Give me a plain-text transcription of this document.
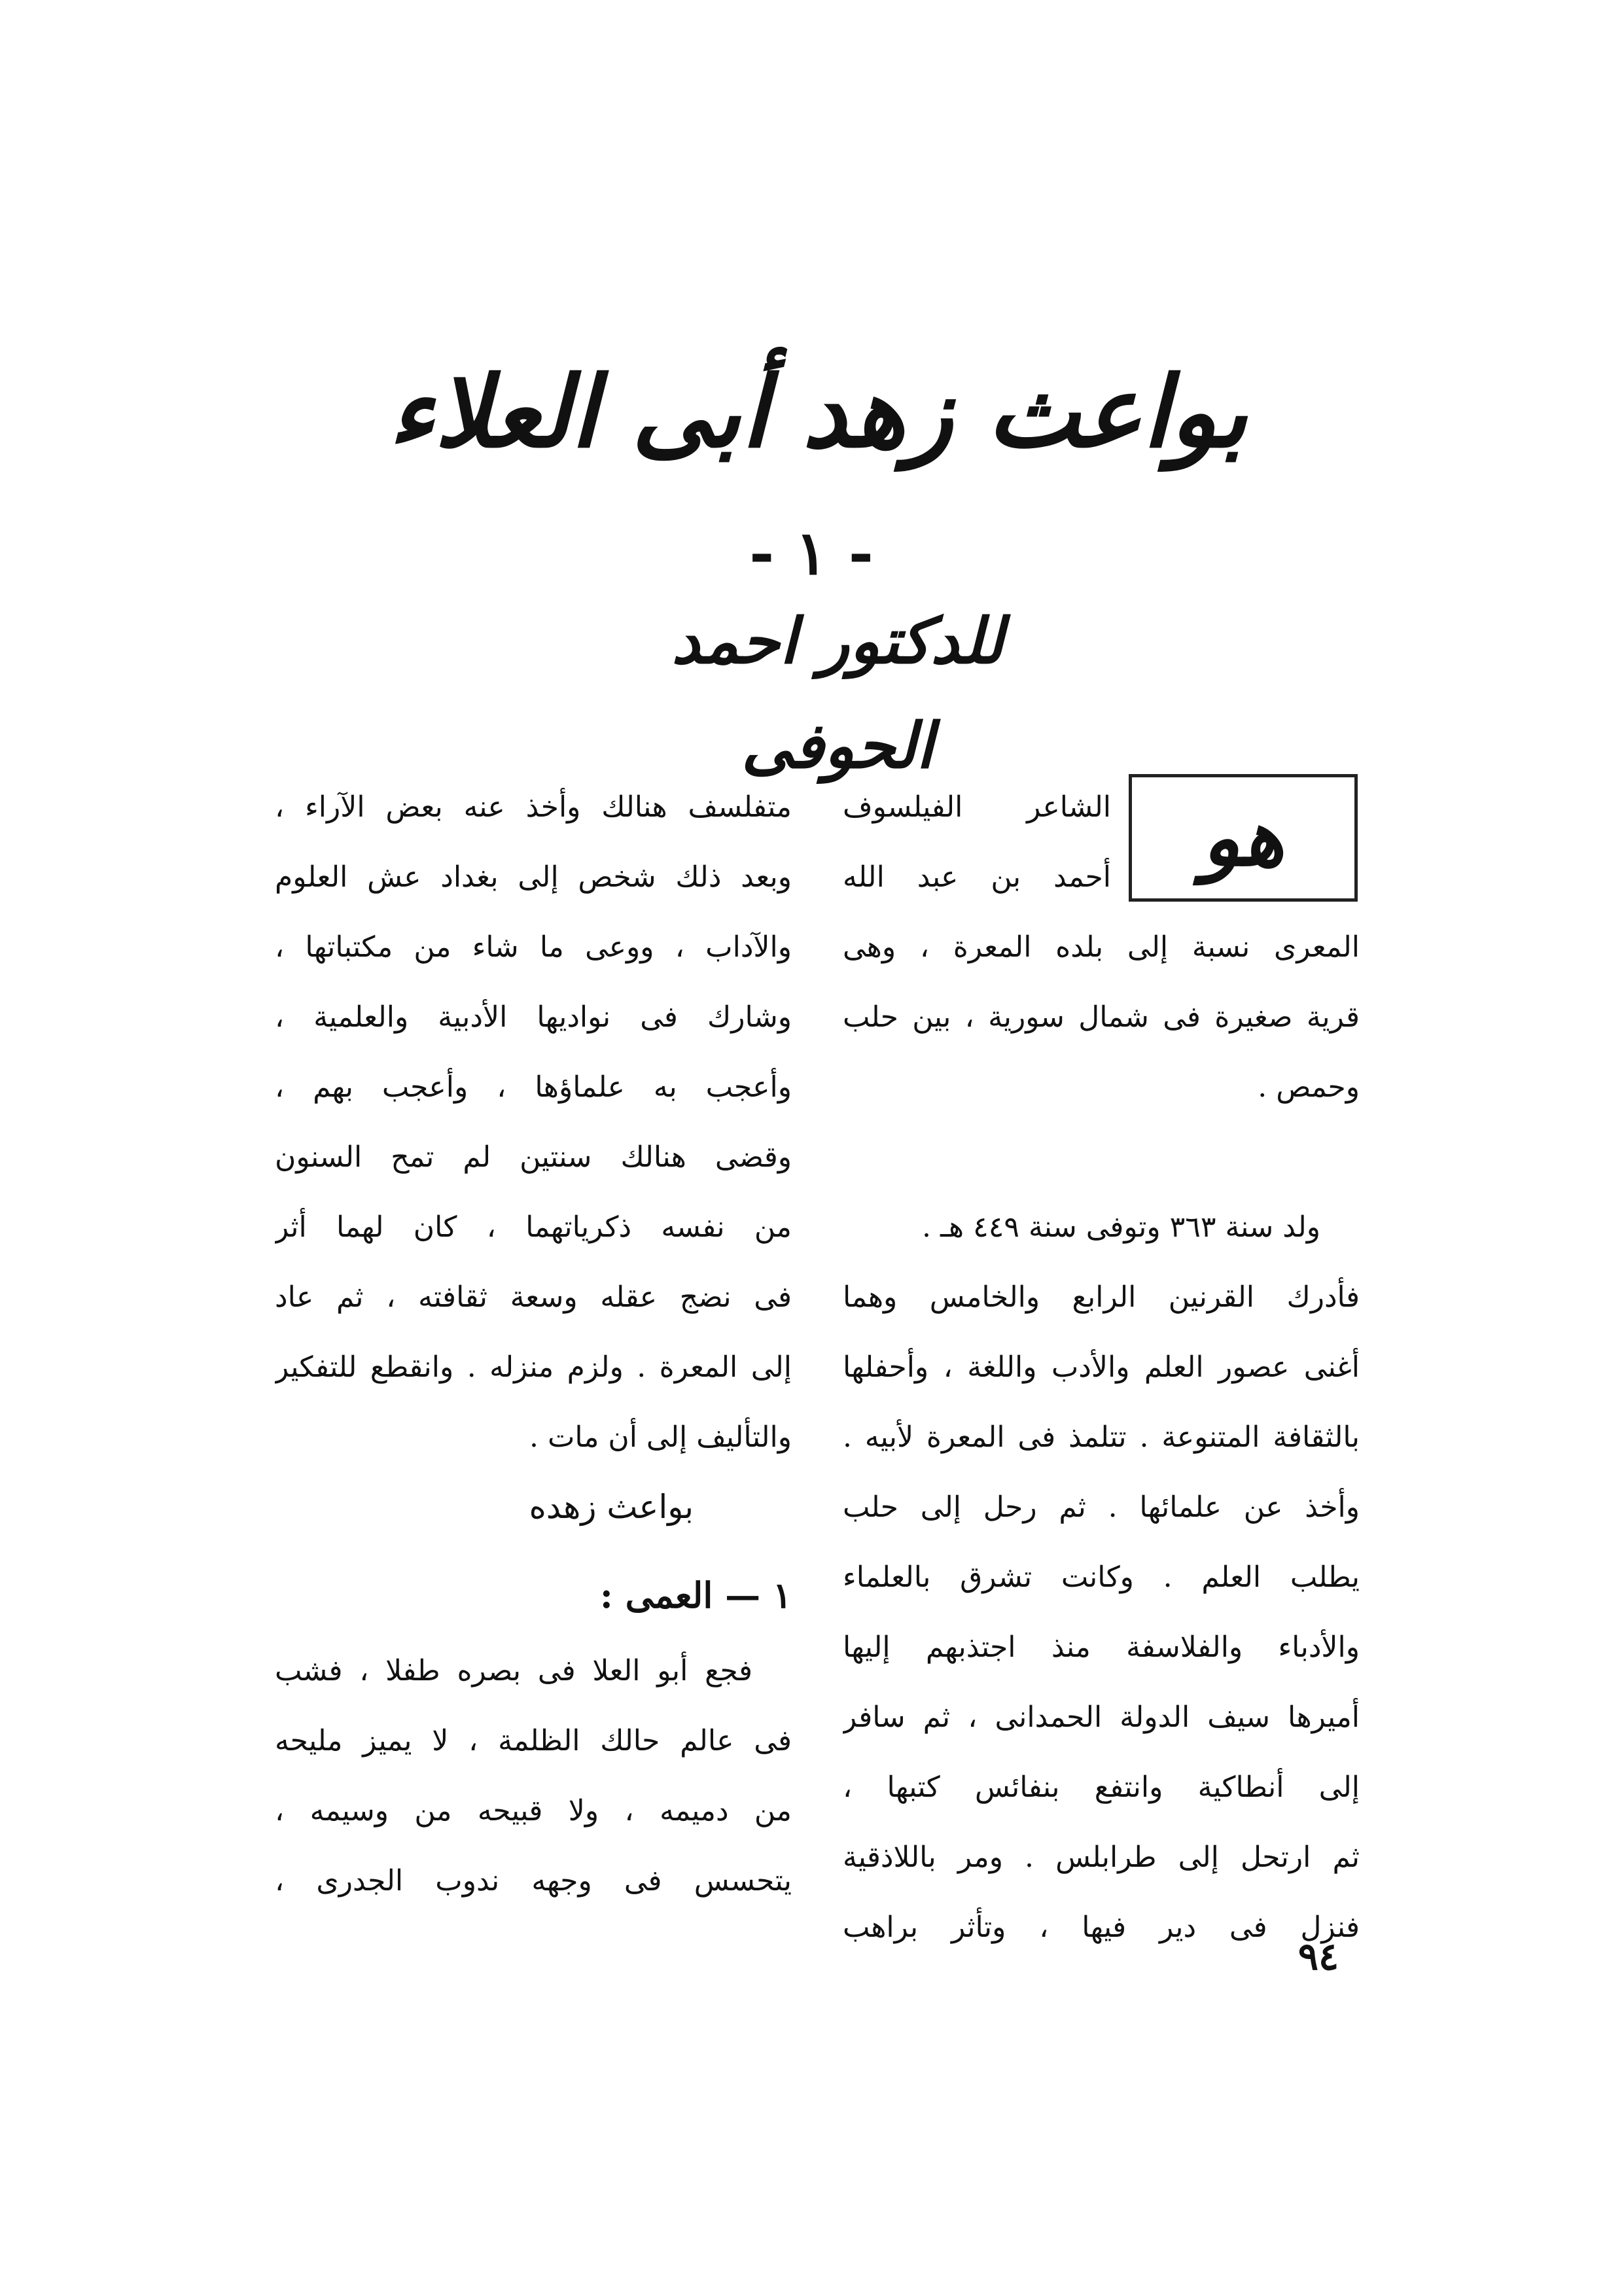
بواعث زهد أبى العلاء
- ١ -
للدكتور احمد الحوفى
هو
الشاعر الفيلسوف
أحمد بن عبد الله
المعرى نسبة إلى بلده المعرة ، وهى
قرية صغيرة فى شمال سورية ، بين حلب
وحمص .
ولد سنة ٣٦٣ وتوفى سنة ٤٤٩ هـ .
فأدرك القرنين الرابع والخامس وهما
أغنى عصور العلم والأدب واللغة ، وأحفلها
بالثقافة المتنوعة . تتلمذ فى المعرة لأبيه .
وأخذ عن علمائها . ثم رحل إلى حلب
يطلب العلم . وكانت تشرق بالعلماء
والأدباء والفلاسفة منذ اجتذبهم إليها
أميرها سيف الدولة الحمدانى ، ثم سافر
إلى أنطاكية وانتفع بنفائس كتبها ،
ثم ارتحل إلى طرابلس . ومر باللاذقية
فنزل فى دير فيها ، وتأثر براهب
متفلسف هنالك وأخذ عنه بعض الآراء ،
وبعد ذلك شخص إلى بغداد عش العلوم
والآداب ، ووعى ما شاء من مكتباتها ،
وشارك فى نواديها الأدبية والعلمية ،
وأعجب به علماؤها ، وأعجب بهم ،
وقضى هنالك سنتين لم تمح السنون
من نفسه ذكرياتهما ، كان لهما أثر
فى نضج عقله وسعة ثقافته ، ثم عاد
إلى المعرة . ولزم منزله . وانقطع للتفكير
والتأليف إلى أن مات .
بواعث زهده
١ — العمى :
فجع أبو العلا فى بصره طفلا ، فشب
فى عالم حالك الظلمة ، لا يميز مليحه
من دميمه ، ولا قبيحه من وسيمه ،
يتحسس فى وجهه ندوب الجدرى ،
٩٤
